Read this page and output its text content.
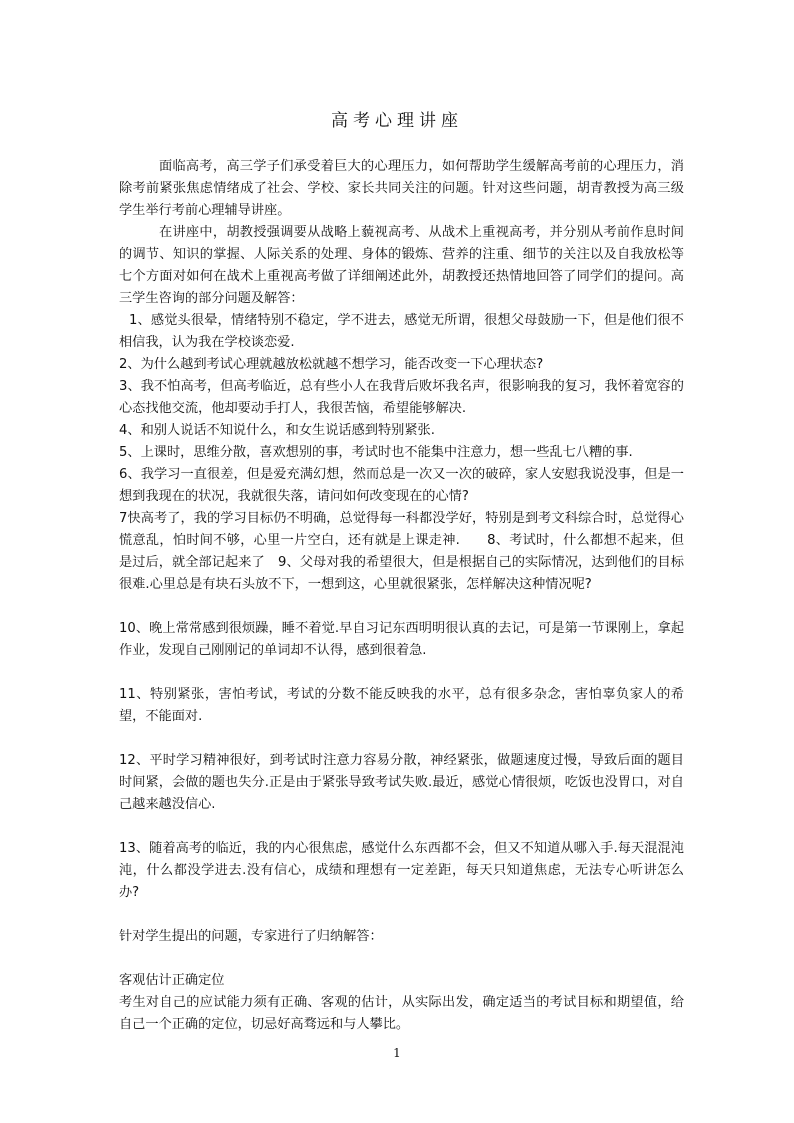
高考心理讲座

面临高考，高三学子们承受着巨大的心理压力，如何帮助学生缓解高考前的心理压力，消除考前紧张焦虑情绪成了社会、学校、家长共同关注的问题。针对这些问题，胡青教授为高三级学生举行考前心理辅导讲座。

在讲座中，胡教授强调要从战略上藐视高考、从战术上重视高考，并分别从考前作息时间的调节、知识的掌握、人际关系的处理、身体的锻炼、营养的注重、细节的关注以及自我放松等七个方面对如何在战术上重视高考做了详细阐述此外，胡教授还热情地回答了同学们的提问。高三学生咨询的部分问题及解答：

1、感觉头很晕，情绪特别不稳定，学不进去，感觉无所谓，很想父母鼓励一下，但是他们很不相信我，认为我在学校谈恋爱.

2、为什么越到考试心理就越放松就越不想学习，能否改变一下心理状态?

3、我不怕高考，但高考临近，总有些小人在我背后败坏我名声，很影响我的复习，我怀着宽容的心态找他交流，他却要动手打人，我很苦恼，希望能够解决.

4、和别人说话不知说什么，和女生说话感到特别紧张.

5、上课时，思维分散，喜欢想别的事，考试时也不能集中注意力，想一些乱七八糟的事.

6、我学习一直很差，但是爱充满幻想，然而总是一次又一次的破碎，家人安慰我说没事，但是一想到我现在的状况，我就很失落，请问如何改变现在的心情?

7快高考了，我的学习目标仍不明确，总觉得每一科都没学好，特别是到考文科综合时，总觉得心慌意乱，怕时间不够，心里一片空白，还有就是上课走神.　　8、考试时，什么都想不起来，但是过后，就全部记起来了　9、父母对我的希望很大，但是根据自己的实际情况，达到他们的目标很难.心里总是有块石头放不下，一想到这，心里就很紧张，怎样解决这种情况呢?

10、晚上常常感到很烦躁，睡不着觉.早自习记东西明明很认真的去记，可是第一节课刚上，拿起作业，发现自己刚刚记的单词却不认得，感到很着急.

11、特别紧张，害怕考试，考试的分数不能反映我的水平，总有很多杂念，害怕辜负家人的希望，不能面对.

12、平时学习精神很好，到考试时注意力容易分散，神经紧张，做题速度过慢，导致后面的题目时间紧，会做的题也失分.正是由于紧张导致考试失败.最近，感觉心情很烦，吃饭也没胃口，对自己越来越没信心.

13、随着高考的临近，我的内心很焦虑，感觉什么东西都不会，但又不知道从哪入手.每天混混沌沌，什么都没学进去.没有信心，成绩和理想有一定差距，每天只知道焦虑，无法专心听讲怎么办?

针对学生提出的问题，专家进行了归纳解答：

客观估计正确定位

考生对自己的应试能力须有正确、客观的估计，从实际出发，确定适当的考试目标和期望值，给自己一个正确的定位，切忌好高骛远和与人攀比。

1
